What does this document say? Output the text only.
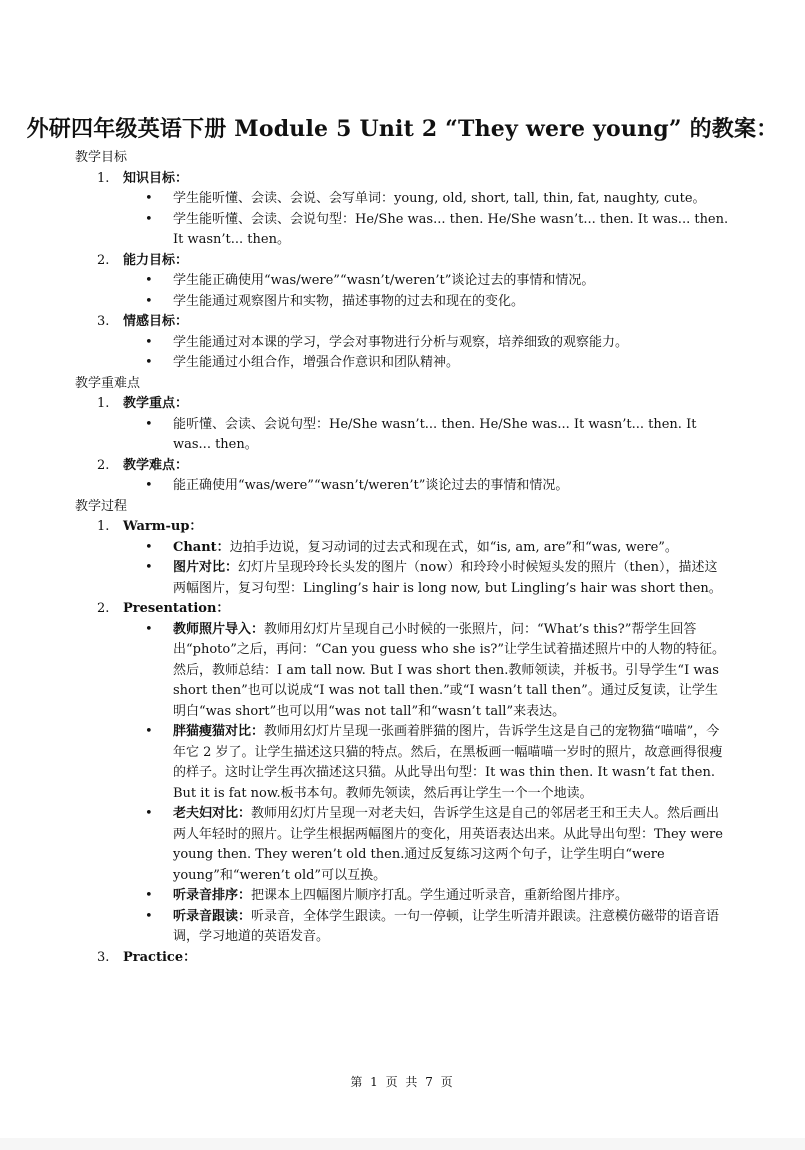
外研四年级英语下册 Module 5 Unit 2 “They were young” 的教案：
教学目标
1. 知识目标：
• 学生能听懂、会读、会说、会写单词：young, old, short, tall, thin, fat, naughty, cute。
• 学生能听懂、会读、会说句型：He/She was... then. He/She wasn’t... then. It was... then. It wasn’t... then。
2. 能力目标：
• 学生能正确使用“was/were”“wasn’t/weren’t”谈论过去的事情和情况。
• 学生能通过观察图片和实物，描述事物的过去和现在的变化。
3. 情感目标：
• 学生能通过对本课的学习，学会对事物进行分析与观察，培养细致的观察能力。
• 学生能通过小组合作，增强合作意识和团队精神。
教学重难点
1. 教学重点：
• 能听懂、会读、会说句型：He/She wasn’t... then. He/She was... It wasn’t... then. It was... then。
2. 教学难点：
• 能正确使用“was/were”“wasn’t/weren’t”谈论过去的事情和情况。
教学过程
1. Warm-up：
• Chant：边拍手边说，复习动词的过去式和现在式，如“is, am, are”和“was, were”。
• 图片对比：幻灯片呈现玲玲长头发的图片（now）和玲玲小时候短头发的照片（then），描述这两幅图片，复习句型：Lingling’s hair is long now, but Lingling’s hair was short then。
2. Presentation：
• 教师照片导入：教师用幻灯片呈现自己小时候的一张照片，问：“What’s this?”帮学生回答出“photo”之后，再问：“Can you guess who she is?”让学生试着描述照片中的人物的特征。然后，教师总结：I am tall now. But I was short then.教师领读，并板书。引导学生“I was short then”也可以说成“I was not tall then.”或“I wasn’t tall then”。通过反复读，让学生明白“was short”也可以用“was not tall”和“wasn’t tall”来表达。
• 胖猫瘦猫对比：教师用幻灯片呈现一张画着胖猫的图片，告诉学生这是自己的宠物猫“喵喵”，今年它 2 岁了。让学生描述这只猫的特点。然后，在黑板画一幅喵喵一岁时的照片，故意画得很瘦的样子。这时让学生再次描述这只猫。从此导出句型：It was thin then. It wasn’t fat then. But it is fat now.板书本句。教师先领读，然后再让学生一个一个地读。
• 老夫妇对比：教师用幻灯片呈现一对老夫妇，告诉学生这是自己的邻居老王和王夫人。然后画出两人年轻时的照片。让学生根据两幅图片的变化，用英语表达出来。从此导出句型：They were young then. They weren’t old then.通过反复练习这两个句子，让学生明白“were young”和“weren’t old”可以互换。
• 听录音排序：把课本上四幅图片顺序打乱。学生通过听录音，重新给图片排序。
• 听录音跟读：听录音，全体学生跟读。一句一停顿，让学生听清并跟读。注意模仿磁带的语音语调，学习地道的英语发音。
3. Practice：
第 1 页 共 7 页
